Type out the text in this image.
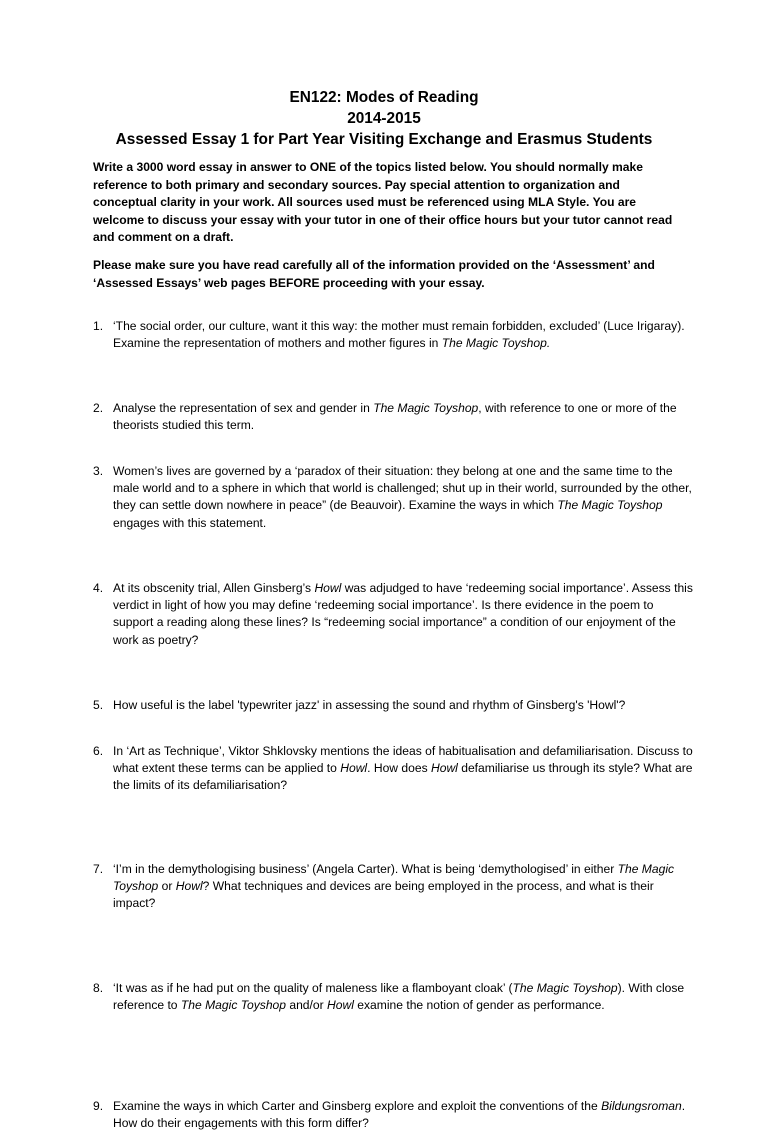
EN122: Modes of Reading
2014-2015
Assessed Essay 1 for Part Year Visiting Exchange and Erasmus Students

Write a 3000 word essay in answer to ONE of the topics listed below. You should normally make reference to both primary and secondary sources. Pay special attention to organization and conceptual clarity in your work. All sources used must be referenced using MLA Style. You are welcome to discuss your essay with your tutor in one of their office hours but your tutor cannot read and comment on a draft.

Please make sure you have read carefully all of the information provided on the ‘Assessment’ and ‘Assessed Essays’ web pages BEFORE proceeding with your essay.

1. ‘The social order, our culture, want it this way: the mother must remain forbidden, excluded’ (Luce Irigaray). Examine the representation of mothers and mother figures in The Magic Toyshop.
2. Analyse the representation of sex and gender in The Magic Toyshop, with reference to one or more of the theorists studied this term.
3. Women’s lives are governed by a ‘paradox of their situation: they belong at one and the same time to the male world and to a sphere in which that world is challenged; shut up in their world, surrounded by the other, they can settle down nowhere in peace” (de Beauvoir). Examine the ways in which The Magic Toyshop engages with this statement.
4. At its obscenity trial, Allen Ginsberg’s Howl was adjudged to have ‘redeeming social importance’. Assess this verdict in light of how you may define ‘redeeming social importance’. Is there evidence in the poem to support a reading along these lines? Is “redeeming social importance” a condition of our enjoyment of the work as poetry?
5. How useful is the label 'typewriter jazz' in assessing the sound and rhythm of Ginsberg's 'Howl'?
6. In ‘Art as Technique’, Viktor Shklovsky mentions the ideas of habitualisation and defamiliarisation. Discuss to what extent these terms can be applied to Howl. How does Howl defamiliarise us through its style? What are the limits of its defamiliarisation?
7. ‘I’m in the demythologising business’ (Angela Carter). What is being ‘demythologised’ in either The Magic Toyshop or Howl? What techniques and devices are being employed in the process, and what is their impact?
8. ‘It was as if he had put on the quality of maleness like a flamboyant cloak’ (The Magic Toyshop). With close reference to The Magic Toyshop and/or Howl examine the notion of gender as performance.
9. Examine the ways in which Carter and Ginsberg explore and exploit the conventions of the Bildungsroman. How do their engagements with this form differ?
